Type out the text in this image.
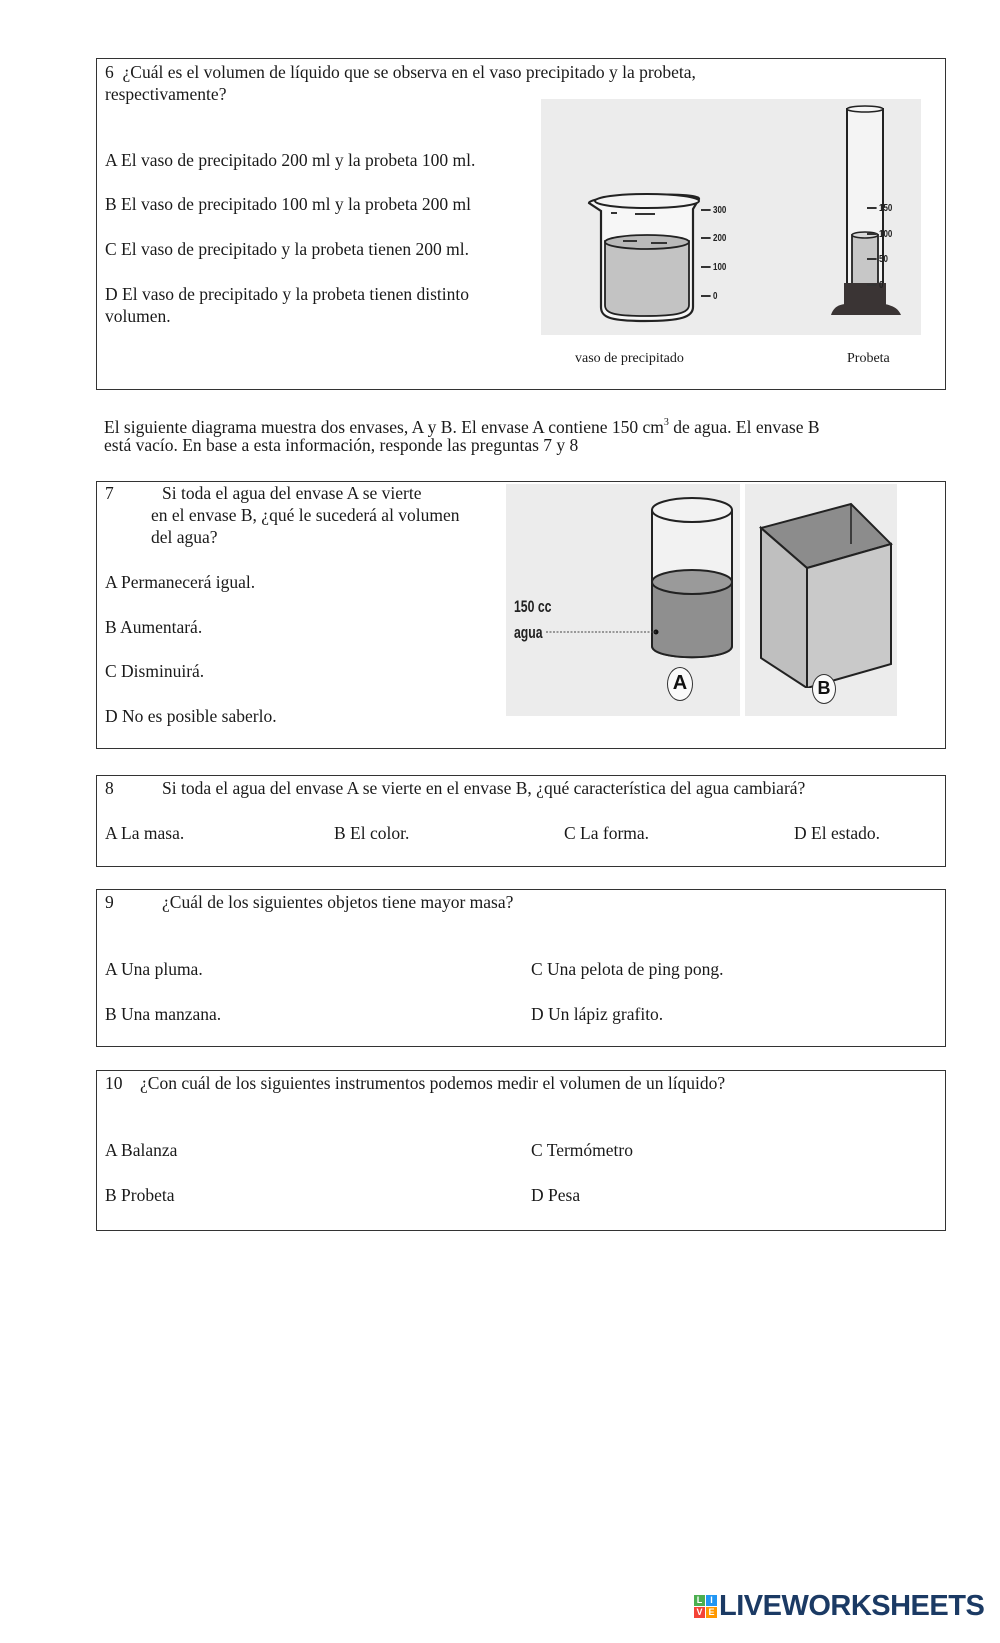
6 ¿Cuál es el volumen de líquido que se observa en el vaso precipitado y la probeta,
respectivamente?
A El vaso de precipitado 200 ml y la probeta 100 ml.
B El vaso de precipitado 100 ml y la probeta 200 ml
C El vaso de precipitado y la probeta tienen 200 ml.
D El vaso de precipitado y la probeta tienen distinto
volumen.
300
200
100
0
150
100
50
0
vaso de precipitado	Probeta
El siguiente diagrama muestra dos envases, A y B. El envase A contiene 150 $cm^3$ de agua. El envase B
está vacío. En base a esta información, responde las preguntas 7 y 8
7	Si toda el agua del envase A se vierte
en el envase B, ¿qué le sucederá al volumen
del agua?
A Permanecerá igual.
B Aumentará.
C Disminuirá.
D No es posible saberlo.
150 cc
agua
A	B
8	Si toda el agua del envase A se vierte en el envase B, ¿qué característica del agua cambiará?
A La masa.	B El color.	C La forma.	D El estado.
9	¿Cuál de los siguientes objetos tiene mayor masa?
A Una pluma.
B Una manzana.
C Una pelota de ping pong.
D Un lápiz grafito.
10 ¿Con cuál de los siguientes instrumentos podemos medir el volumen de un líquido?
A Balanza
B Probeta
C Termómetro
D Pesa
L I
V E LIVEWORKSHEETS
